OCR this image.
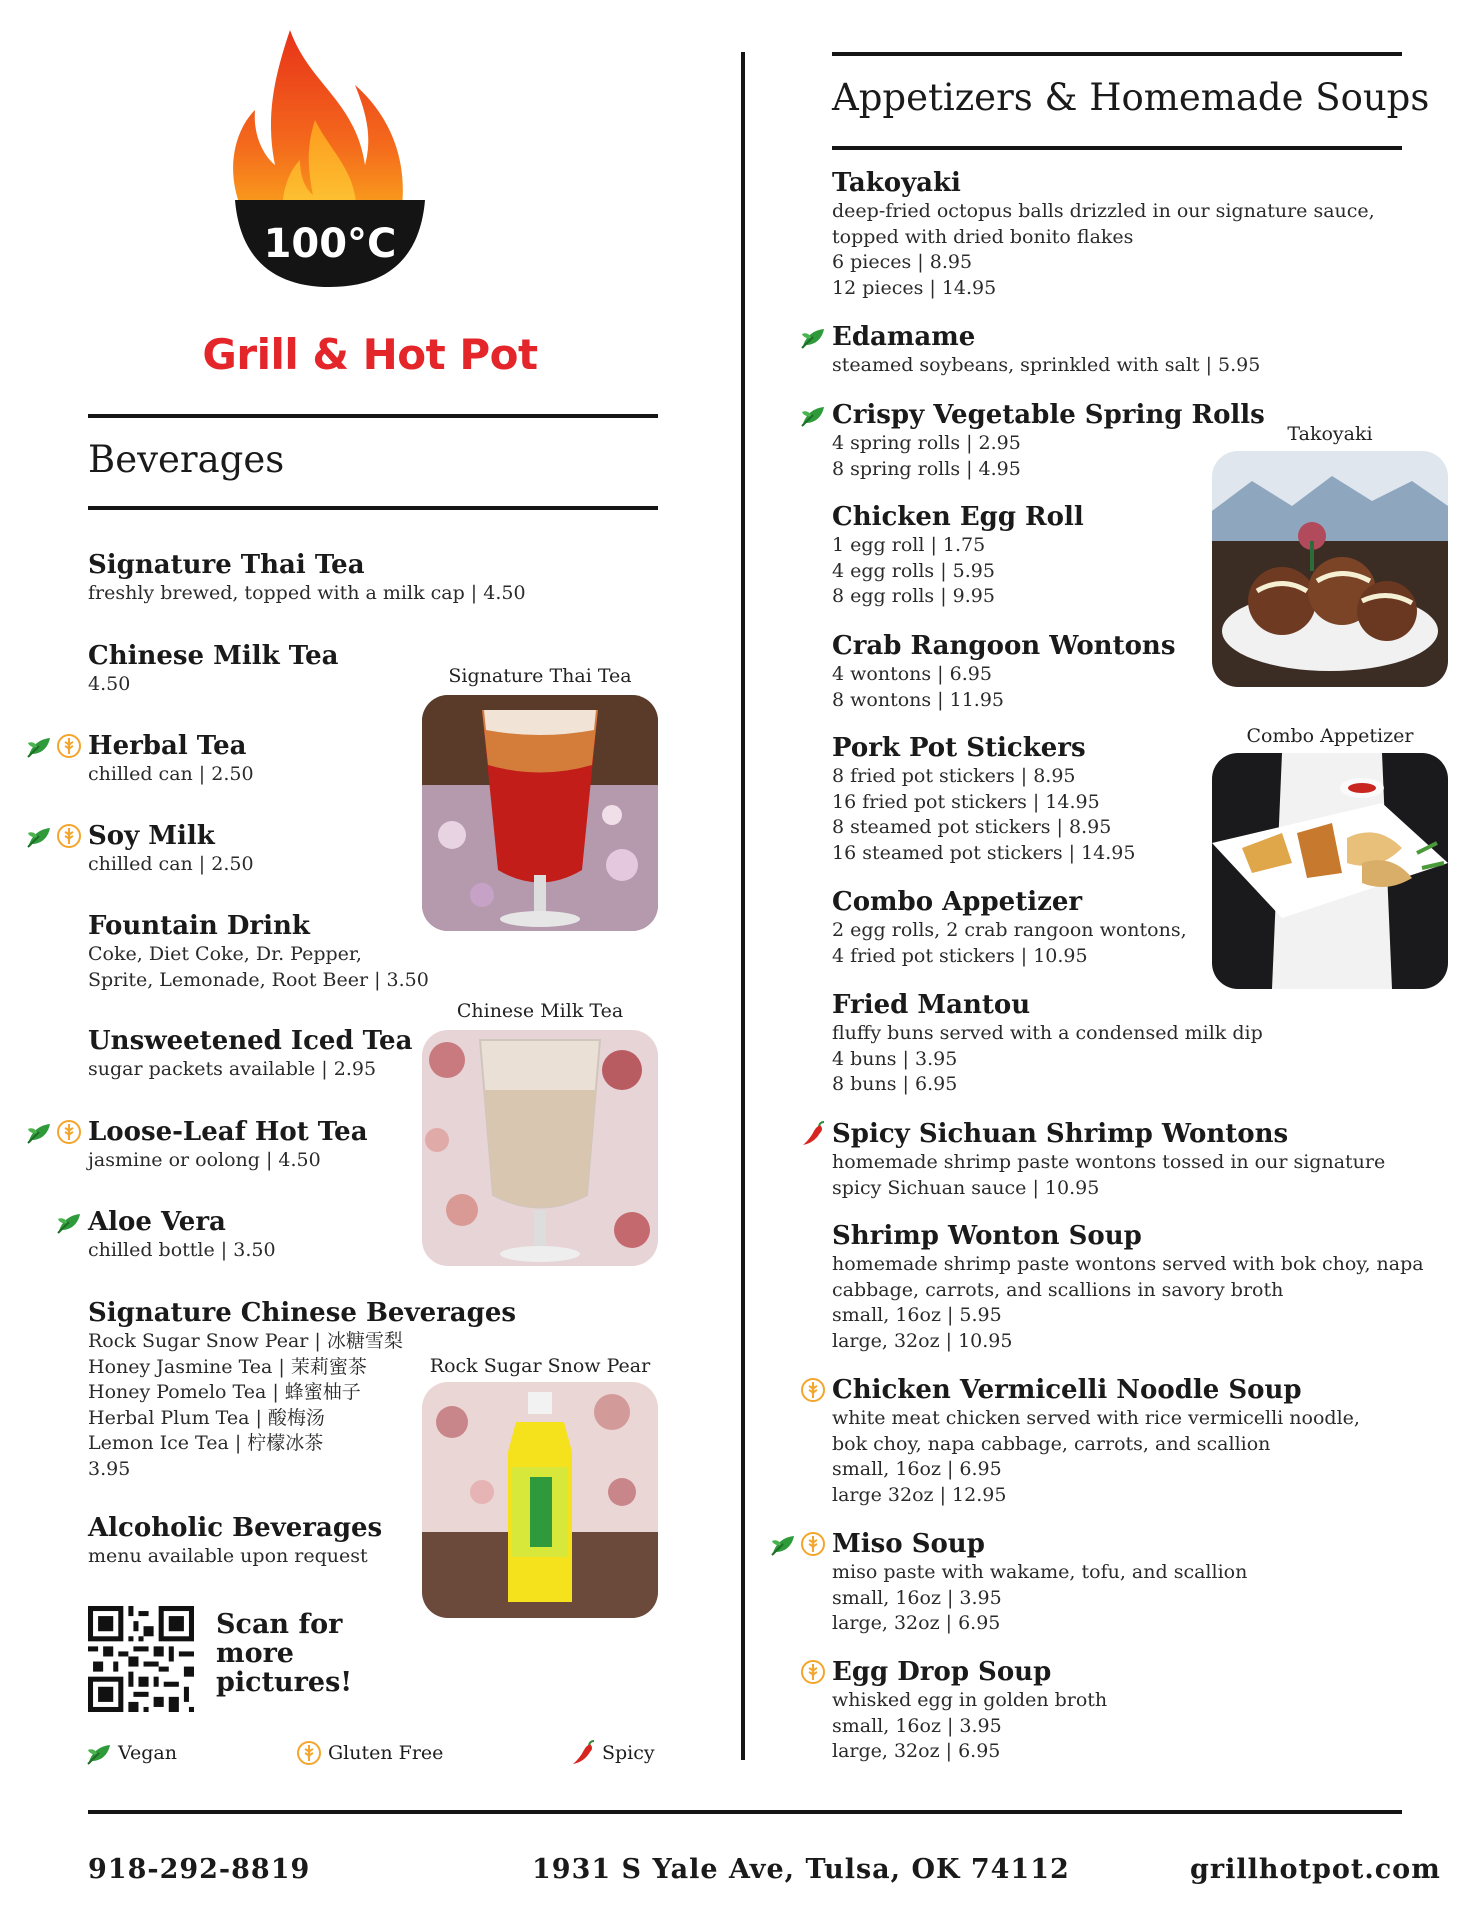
100°C
Grill & Hot Pot
Beverages
Signature Thai Tea
freshly brewed, topped with a milk cap | 4.50
Chinese Milk Tea
4.50
Herbal Tea
chilled can | 2.50
Soy Milk
chilled can | 2.50
Fountain Drink
Coke, Diet Coke, Dr. Pepper,
Sprite, Lemonade, Root Beer | 3.50
Unsweetened Iced Tea
sugar packets available | 2.95
Loose-Leaf Hot Tea
jasmine or oolong | 4.50
Aloe Vera
chilled bottle | 3.50
Signature Chinese Beverages
Rock Sugar Snow Pear | 冰糖雪梨
Honey Jasmine Tea | 茉莉蜜茶
Honey Pomelo Tea | 蜂蜜柚子
Herbal Plum Tea | 酸梅汤
Lemon Ice Tea | 柠檬冰茶
3.95
Alcoholic Beverages
menu available upon request
Signature Thai Tea
Chinese Milk Tea
Rock Sugar Snow Pear
Scan for
more
pictures!
Vegan	Gluten Free	Spicy
Appetizers & Homemade Soups
Takoyaki
deep-fried octopus balls drizzled in our signature sauce,
topped with dried bonito flakes
6 pieces | 8.95
12 pieces | 14.95
Edamame
steamed soybeans, sprinkled with salt | 5.95
Crispy Vegetable Spring Rolls
4 spring rolls | 2.95
8 spring rolls | 4.95
Chicken Egg Roll
1 egg roll | 1.75
4 egg rolls | 5.95
8 egg rolls | 9.95
Crab Rangoon Wontons
4 wontons | 6.95
8 wontons | 11.95
Pork Pot Stickers
8 fried pot stickers | 8.95
16 fried pot stickers | 14.95
8 steamed pot stickers | 8.95
16 steamed pot stickers | 14.95
Combo Appetizer
2 egg rolls, 2 crab rangoon wontons,
4 fried pot stickers | 10.95
Fried Mantou
fluffy buns served with a condensed milk dip
4 buns | 3.95
8 buns | 6.95
Spicy Sichuan Shrimp Wontons
homemade shrimp paste wontons tossed in our signature
spicy Sichuan sauce | 10.95
Shrimp Wonton Soup
homemade shrimp paste wontons served with bok choy, napa
cabbage, carrots, and scallions in savory broth
small, 16oz | 5.95
large, 32oz | 10.95
Chicken Vermicelli Noodle Soup
white meat chicken served with rice vermicelli noodle,
bok choy, napa cabbage, carrots, and scallion
small, 16oz | 6.95
large 32oz | 12.95
Miso Soup
miso paste with wakame, tofu, and scallion
small, 16oz | 3.95
large, 32oz | 6.95
Egg Drop Soup
whisked egg in golden broth
small, 16oz | 3.95
large, 32oz | 6.95
Takoyaki
Combo Appetizer
918-292-8819	1931 S Yale Ave, Tulsa, OK 74112	grillhotpot.com
